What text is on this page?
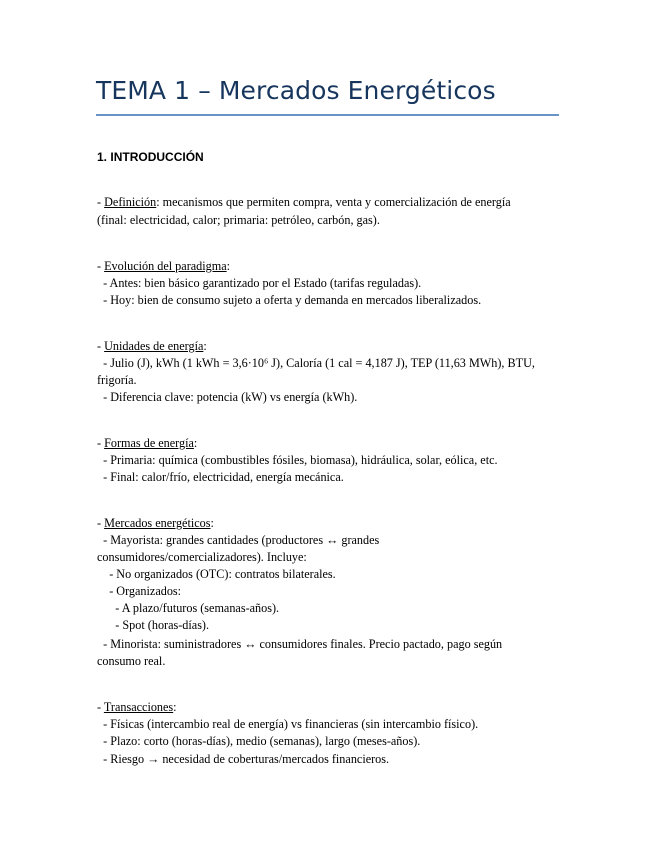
TEMA 1 – Mercados Energéticos
1. INTRODUCCIÓN
- Definición: mecanismos que permiten compra, venta y comercialización de energía
(final: electricidad, calor; primaria: petróleo, carbón, gas).
- Evolución del paradigma:
- Antes: bien básico garantizado por el Estado (tarifas reguladas).
- Hoy: bien de consumo sujeto a oferta y demanda en mercados liberalizados.
- Unidades de energía:
- Julio (J), kWh (1 kWh = 3,6·10⁶ J), Caloría (1 cal = 4,187 J), TEP (11,63 MWh), BTU,
frigoría.
- Diferencia clave: potencia (kW) vs energía (kWh).
- Formas de energía:
- Primaria: química (combustibles fósiles, biomasa), hidráulica, solar, eólica, etc.
- Final: calor/frío, electricidad, energía mecánica.
- Mercados energéticos:
- Mayorista: grandes cantidades (productores ↔ grandes
consumidores/comercializadores). Incluye:
- No organizados (OTC): contratos bilaterales.
- Organizados:
- A plazo/futuros (semanas-años).
- Spot (horas-días).
- Minorista: suministradores ↔ consumidores finales. Precio pactado, pago según
consumo real.
- Transacciones:
- Físicas (intercambio real de energía) vs financieras (sin intercambio físico).
- Plazo: corto (horas-días), medio (semanas), largo (meses-años).
- Riesgo → necesidad de coberturas/mercados financieros.
